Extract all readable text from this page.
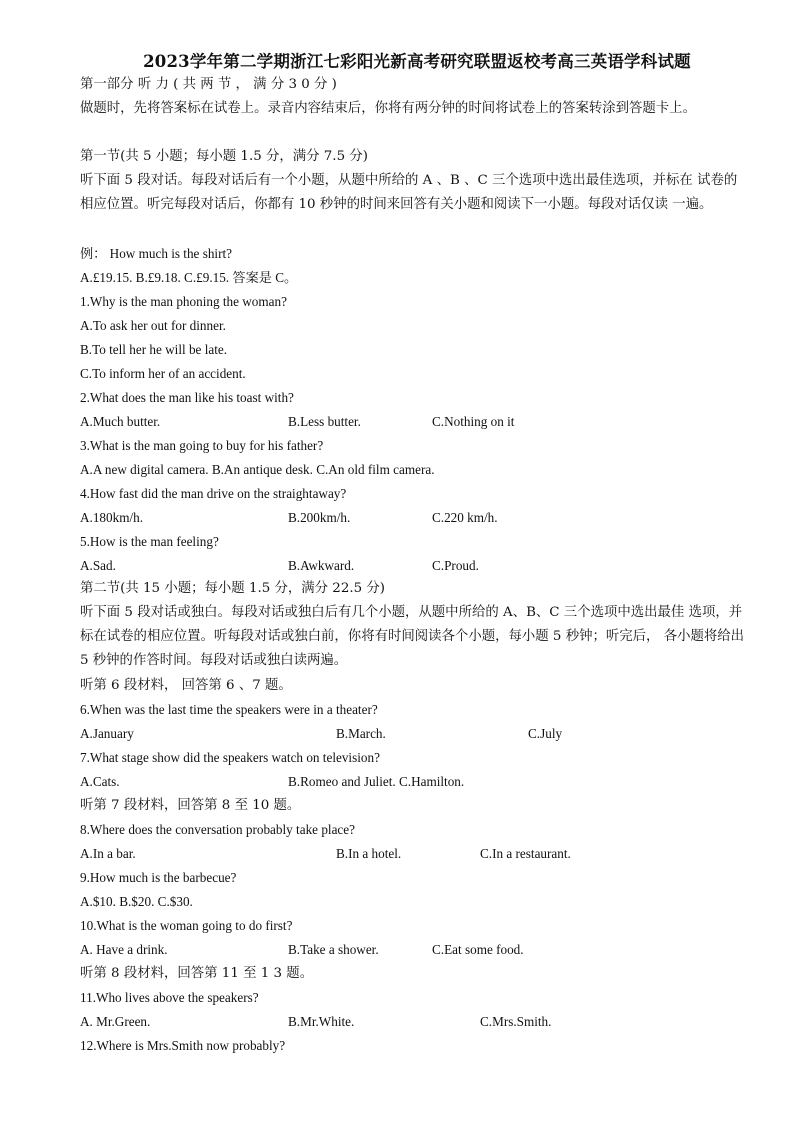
2023学年第二学期浙江七彩阳光新高考研究联盟返校考高三英语学科试题
第一部分 听 力 ( 共 两 节 ， 满 分 3 0 分 )
做题时，先将答案标在试卷上。录音内容结束后，你将有两分钟的时间将试卷上的答案转涂到答题卡上。
第一节(共 5 小题；每小题 1.5 分，满分 7.5 分)
听下面 5 段对话。每段对话后有一个小题，从题中所给的 A 、B 、C 三个选项中选出最佳选项，并标在 试卷的相应位置。听完每段对话后，你都有 10 秒钟的时间来回答有关小题和阅读下一小题。每段对话仅读 一遍。
例： How much is the shirt?
A.£19.15. B.£9.18. C.£9.15. 答案是 C。
1.Why is the man phoning the woman?
A.To ask her out for dinner.
B.To tell her he will be late.
C.To inform her of an accident.
2.What does the man like his toast with?
A.Much butter.	B.Less butter.	C.Nothing on it
3.What is the man going to buy for his father?
A.A new digital camera. B.An antique desk. C.An old film camera.
4.How fast did the man drive on the straightaway?
A.180km/h.	B.200km/h.	C.220 km/h.
5.How is the man feeling?
A.Sad.	B.Awkward.	C.Proud.
第二节(共 15 小题；每小题 1.5 分，满分 22.5 分)
听下面 5 段对话或独白。每段对话或独白后有几个小题，从题中所给的 A、B、C 三个选项中选出最佳 选项，并标在试卷的相应位置。听每段对话或独白前，你将有时间阅读各个小题，每小题 5 秒钟；听完后， 各小题将给出 5 秒钟的作答时间。每段对话或独白读两遍。
听第 6 段材料， 回答第 6 、7 题。
6.When was the last time the speakers were in a theater?
A.January	B.March.	C.July
7.What stage show did the speakers watch on television?
A.Cats.	B.Romeo and Juliet. C.Hamilton.
听第 7 段材料，回答第 8 至 10 题。
8.Where does the conversation probably take place?
A.In a bar.	B.In a hotel.	C.In a restaurant.
9.How much is the barbecue?
A.$10. B.$20. C.$30.
10.What is the woman going to do first?
A. Have a drink.	B.Take a shower.	C.Eat some food.
听第 8 段材料，回答第 11 至 1 3 题。
11.Who lives above the speakers?
A. Mr.Green.	B.Mr.White.	C.Mrs.Smith.
12.Where is Mrs.Smith now probably?
